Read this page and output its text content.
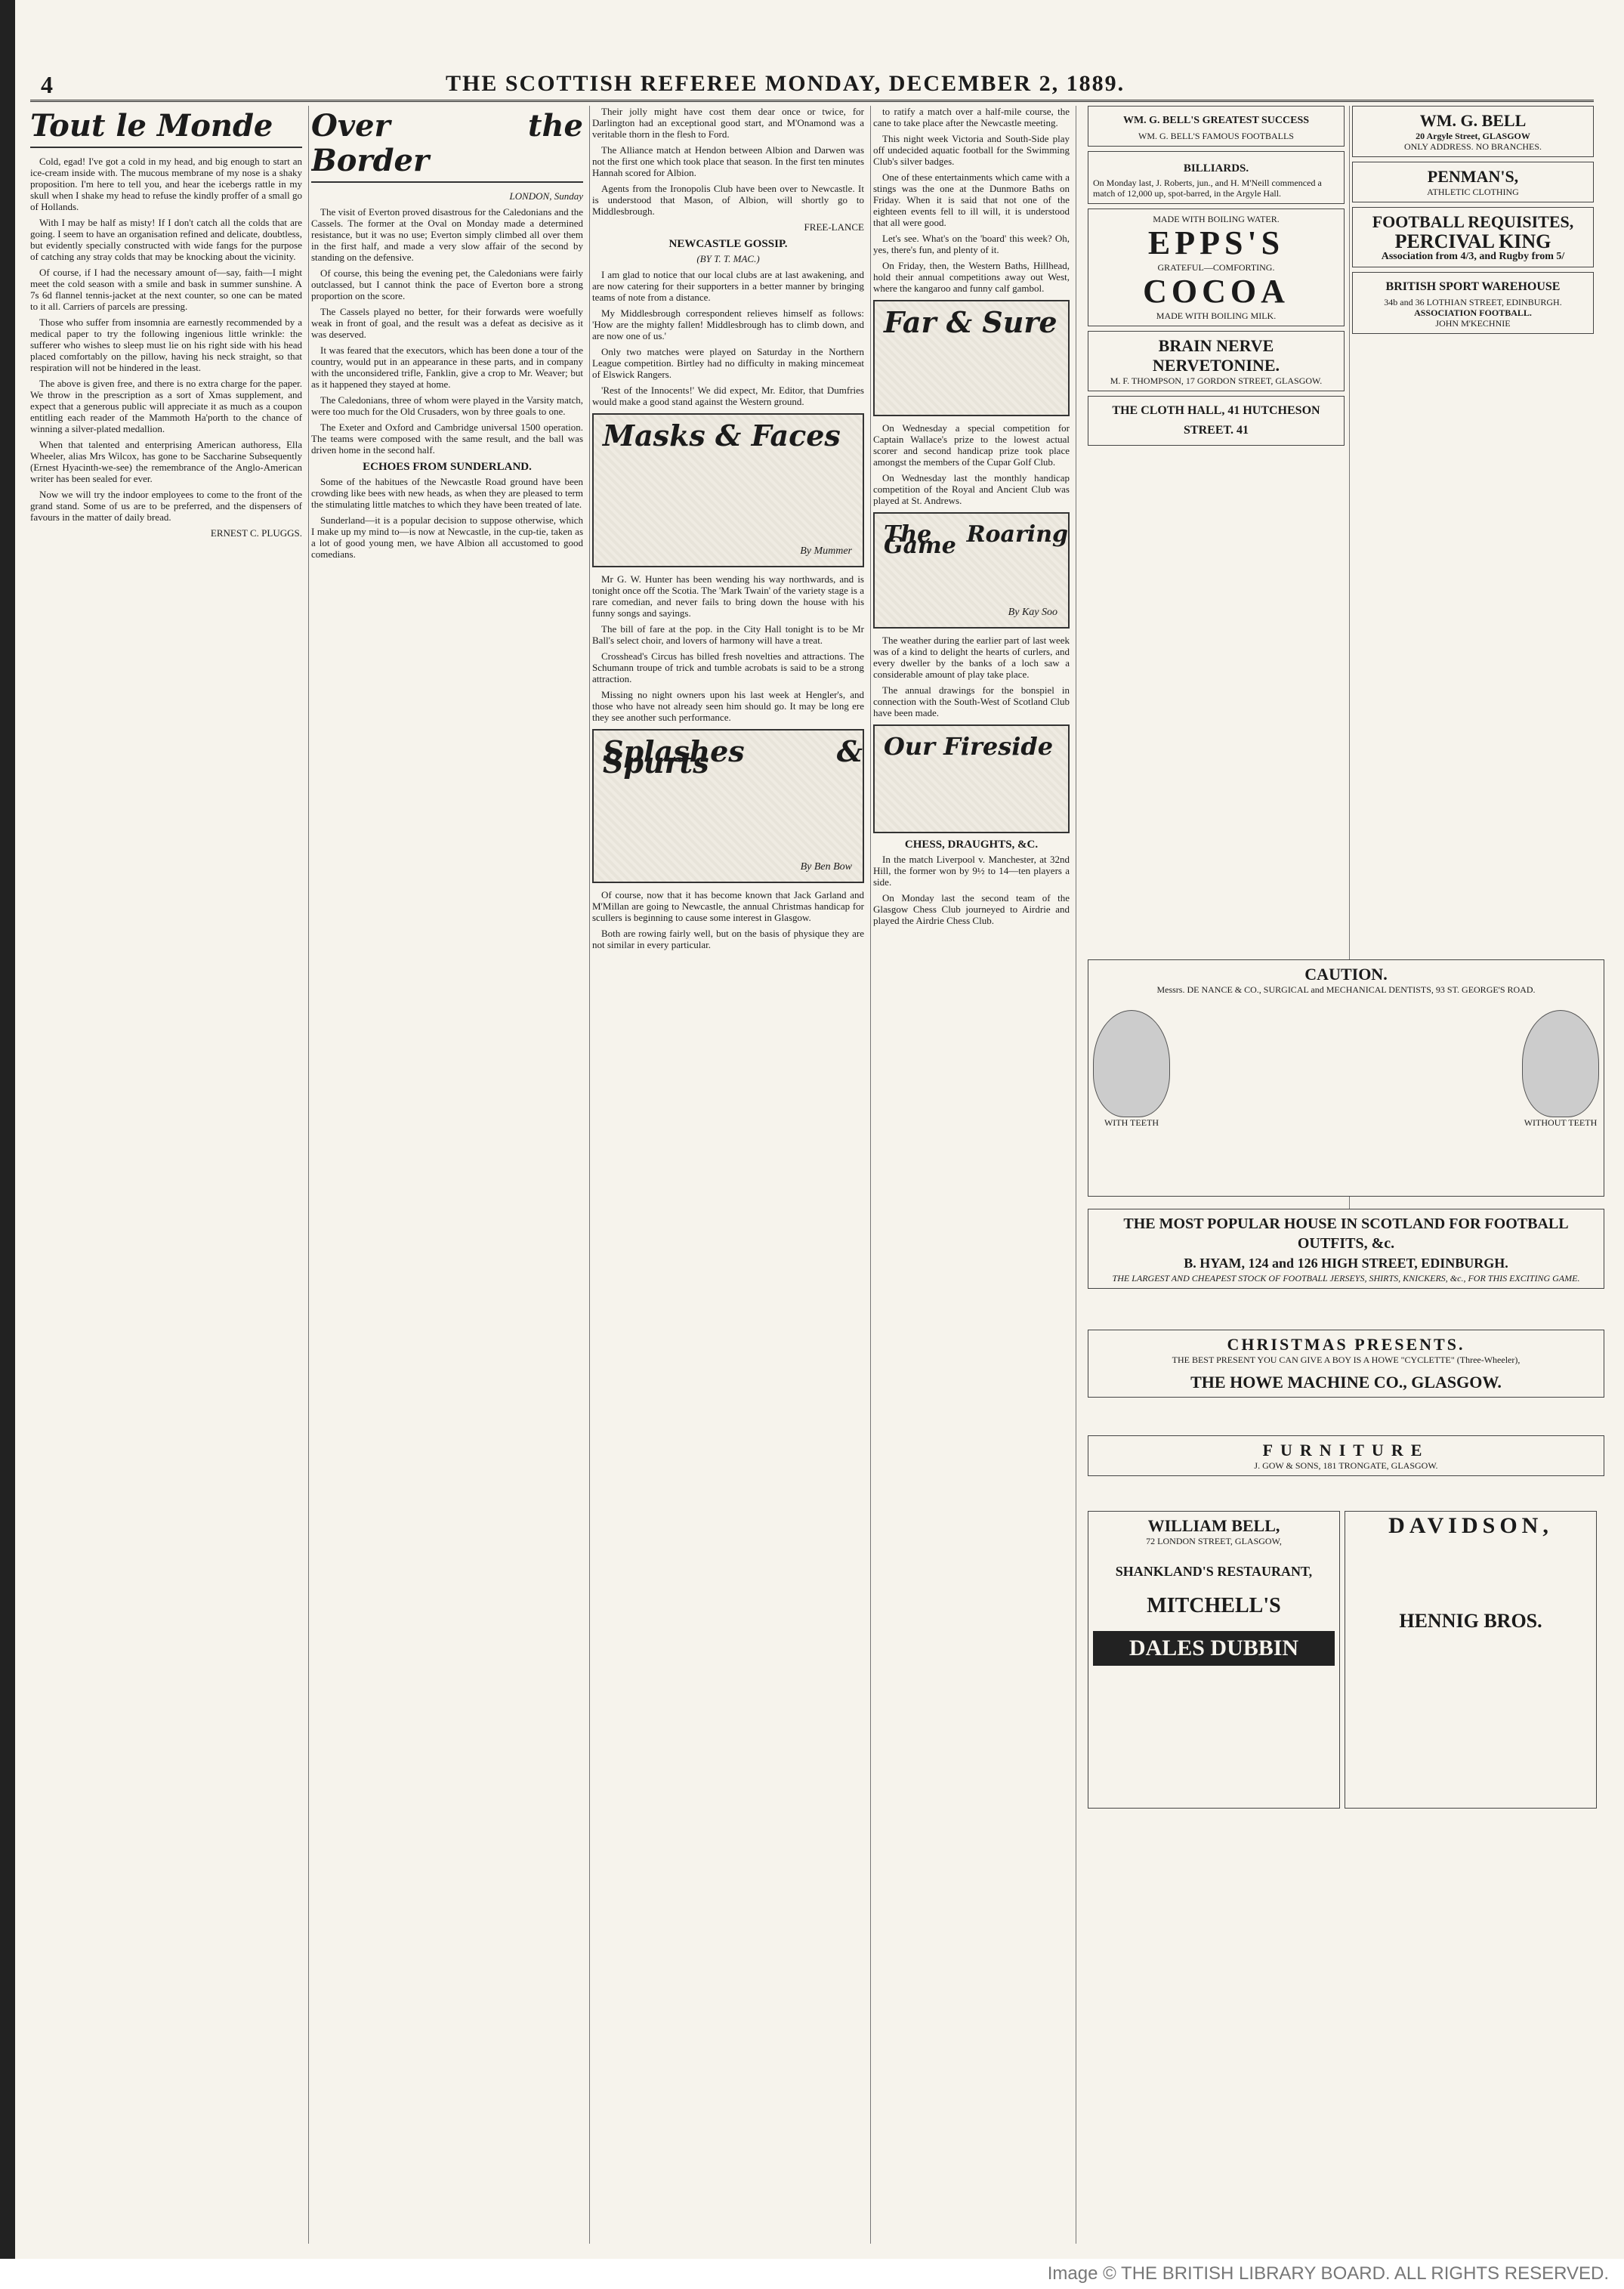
4	THE SCOTTISH REFEREE MONDAY, DECEMBER 2, 1889.
Tout le Monde

Cold, egad! I've got a cold in my head, and big enough to start an ice-cream inside with. The mucous membrane of my nose is a shaky proposition. I'm here to tell you, and hear the icebergs rattle in my skull when I shake my head to refuse the kindly proffer of a small go of Hollands.

With I may be half as misty! If I don't catch all the colds that are going. I seem to have an organisation refined and delicate, doubtless, but evidently specially constructed with wide fangs for the purpose of catching any stray colds that may be knocking about the vicinity.

Of course, if I had the necessary amount of—say, faith—I might meet the cold season with a smile and bask in summer sunshine. A 7s 6d flannel tennis-jacket at the next counter, so one can be mated to it all. Carriers of parcels are pressing.

Those who suffer from insomnia are earnestly recommended by a medical paper to try the following ingenious little wrinkle: the sufferer who wishes to sleep must lie on his right side with his head placed comfortably on the pillow, having his neck straight, so that respiration will not be hindered in the least.

The above is given free, and there is no extra charge for the paper. We throw in the prescription as a sort of Xmas supplement, and expect that a generous public will appreciate it as much as a coupon entitling each reader of the Mammoth Ha'porth to the chance of winning a silver-plated medallion.

When that talented and enterprising American authoress, Ella Wheeler, alias Mrs Wilcox, has gone to be Saccharine Subsequently (Ernest Hyacinth-we-see) the remembrance of the Anglo-American writer has been sealed for ever.

Now we will try the indoor employees to come to the front of the grand stand. Some of us are to be preferred, and the dispensers of favours in the matter of daily bread.

ERNEST C. PLUGGS.
Over the Border
LONDON, Sunday

The visit of Everton proved disastrous for the Caledonians and the Cassels. The former at the Oval on Monday made a determined resistance, but it was no use; Everton simply climbed all over them in the first half, and made a very slow affair of the second by standing on the defensive.

Of course, this being the evening pet, the Caledonians were fairly outclassed, but I cannot think the pace of Everton bore a strong proportion on the score.

The Cassels played no better, for their forwards were woefully weak in front of goal, and the result was a defeat as decisive as it was deserved.

It was feared that the executors, which has been done a tour of the country, would put in an appearance in these parts, and in company with the unconsidered trifle, Fanklin, give a crop to Mr. Weaver; but as it happened they stayed at home.

The Caledonians, three of whom were played in the Varsity match, were too much for the Old Crusaders, won by three goals to one.

The Exeter and Oxford and Cambridge universal 1500 operation. The teams were composed with the same result, and the ball was driven home in the second half.

ECHOES FROM SUNDERLAND.

Some of the habitues of the Newcastle Road ground have been crowding like bees with new heads, as when they are pleased to term the stimulating little matches to which they have been treated of late.

Sunderland—it is a popular decision to suppose otherwise, which I make up my mind to—is now at Newcastle, in the cup-tie, taken as a lot of good young men, we have Albion all accustomed to good comedians.

Their jolly might have cost them dear once or twice, for Darlington had an exceptional good start, and M'Onamond was a veritable thorn in the flesh to Ford.

The Alliance match at Hendon between Albion and Darwen was not the first one which took place that season. In the first ten minutes Hannah scored for Albion.

Agents from the Ironopolis Club have been over to Newcastle. It is understood that Mason, of Albion, will shortly go to Middlesbrough.

FREE-LANCE
NEWCASTLE GOSSIP.
(BY T. T. MAC.)

I am glad to notice that our local clubs are at last awakening, and are now catering for their supporters in a better manner by bringing teams of note from a distance.

My Middlesbrough correspondent relieves himself as follows: 'How are the mighty fallen! Middlesbrough has to climb down, and are now one of us.'

Only two matches were played on Saturday in the Northern League competition. Birtley had no difficulty in making mincemeat of Elswick Rangers.

'Rest of the Innocents!' We did expect, Mr. Editor, that Dumfries would make a good stand against the Western ground.

Masks & Faces
By Mummer

Mr G. W. Hunter has been wending his way northwards, and is tonight once off the Scotia. The 'Mark Twain' of the variety stage is a rare comedian, and never fails to bring down the house with his funny songs and sayings.

The bill of fare at the pop. in the City Hall tonight is to be Mr Ball's select choir, and lovers of harmony will have a treat.

Crosshead's Circus has billed fresh novelties and attractions. The Schumann troupe of trick and tumble acrobats is said to be a strong attraction.

Missing no night owners upon his last week at Hengler's, and those who have not already seen him should go. It may be long ere they see another such performance.

Splashes & Spurts
By Ben Bow

Of course, now that it has become known that Jack Garland and M'Millan are going to Newcastle, the annual Christmas handicap for scullers is beginning to cause some interest in Glasgow.

Both are rowing fairly well, but on the basis of physique they are not similar in every particular.

to ratify a match over a half-mile course, the cane to take place after the Newcastle meeting.

This night week Victoria and South-Side play off undecided aquatic football for the Swimming Club's silver badges.

One of these entertainments which came with a stings was the one at the Dunmore Baths on Friday. When it is said that not one of the eighteen events fell to ill will, it is understood that all were good.

Let's see. What's on the 'board' this week? Oh, yes, there's fun, and plenty of it.

On Friday, then, the Western Baths, Hillhead, hold their annual competitions away out West, where the kangaroo and funny calf gambol.

Far & Sure

On Wednesday a special competition for Captain Wallace's prize to the lowest actual scorer and second handicap prize took place amongst the members of the Cupar Golf Club.

On Wednesday last the monthly handicap competition of the Royal and Ancient Club was played at St. Andrews.

The Roaring Game
By Kay Soo

The weather during the earlier part of last week was of a kind to delight the hearts of curlers, and every dweller by the banks of a loch saw a considerable amount of play take place.

The annual drawings for the bonspiel in connection with the South-West of Scotland Club have been made.

Our Fireside
CHESS, DRAUGHTS, &C.

In the match Liverpool v. Manchester, at 32nd Hill, the former won by 9½ to 14—ten players a side.

On Monday last the second team of the Glasgow Chess Club journeyed to Airdrie and played the Airdrie Chess Club.

WM. G. BELL'S GREATEST SUCCESS
WM. G. BELL'S FAMOUS FOOTBALLS
BILLIARDS.
On Monday last, J. Roberts, jun., and H. M'Neill commenced a match of 12,000 up, spot-barred, in the Argyle Hall.
MADE WITH BOILING WATER.
EPPS'S
GRATEFUL—COMFORTING.
COCOA
MADE WITH BOILING MILK.
BRAIN NERVE
NERVETONINE.
M. F. THOMPSON, 17 GORDON STREET, GLASGOW.
THE CLOTH HALL, 41 HUTCHESON STREET. 41
WM. G. BELL
20 Argyle Street, GLASGOW
ONLY ADDRESS. NO BRANCHES.
PENMAN'S,
ATHLETIC CLOTHING
FOOTBALL REQUISITES,
PERCIVAL KING
Association from 4/3, and Rugby from 5/
BRITISH SPORT WAREHOUSE
34b and 36 LOTHIAN STREET, EDINBURGH.
ASSOCIATION FOOTBALL.
JOHN M'KECHNIE
CAUTION.
Messrs. DE NANCE & CO., SURGICAL and MECHANICAL DENTISTS, 93 ST. GEORGE'S ROAD.
WITH TEETH	WITHOUT TEETH
THE MOST POPULAR HOUSE IN SCOTLAND FOR FOOTBALL OUTFITS, &c.
B. HYAM, 124 and 126 HIGH STREET, EDINBURGH.
THE LARGEST AND CHEAPEST STOCK OF FOOTBALL JERSEYS, SHIRTS, KNICKERS, &c., FOR THIS EXCITING GAME.
CHRISTMAS PRESENTS.
THE BEST PRESENT YOU CAN GIVE A BOY IS A HOWE "CYCLETTE" (Three-Wheeler),
THE HOWE MACHINE CO., GLASGOW.
FURNITURE
J. GOW & SONS, 181 TRONGATE, GLASGOW.
WILLIAM BELL,
72 LONDON STREET, GLASGOW,
SHANKLAND'S RESTAURANT,
MITCHELL'S
DALES DUBBIN
DAVIDSON,
HENNIG BROS.
Image © THE BRITISH LIBRARY BOARD. ALL RIGHTS RESERVED.
